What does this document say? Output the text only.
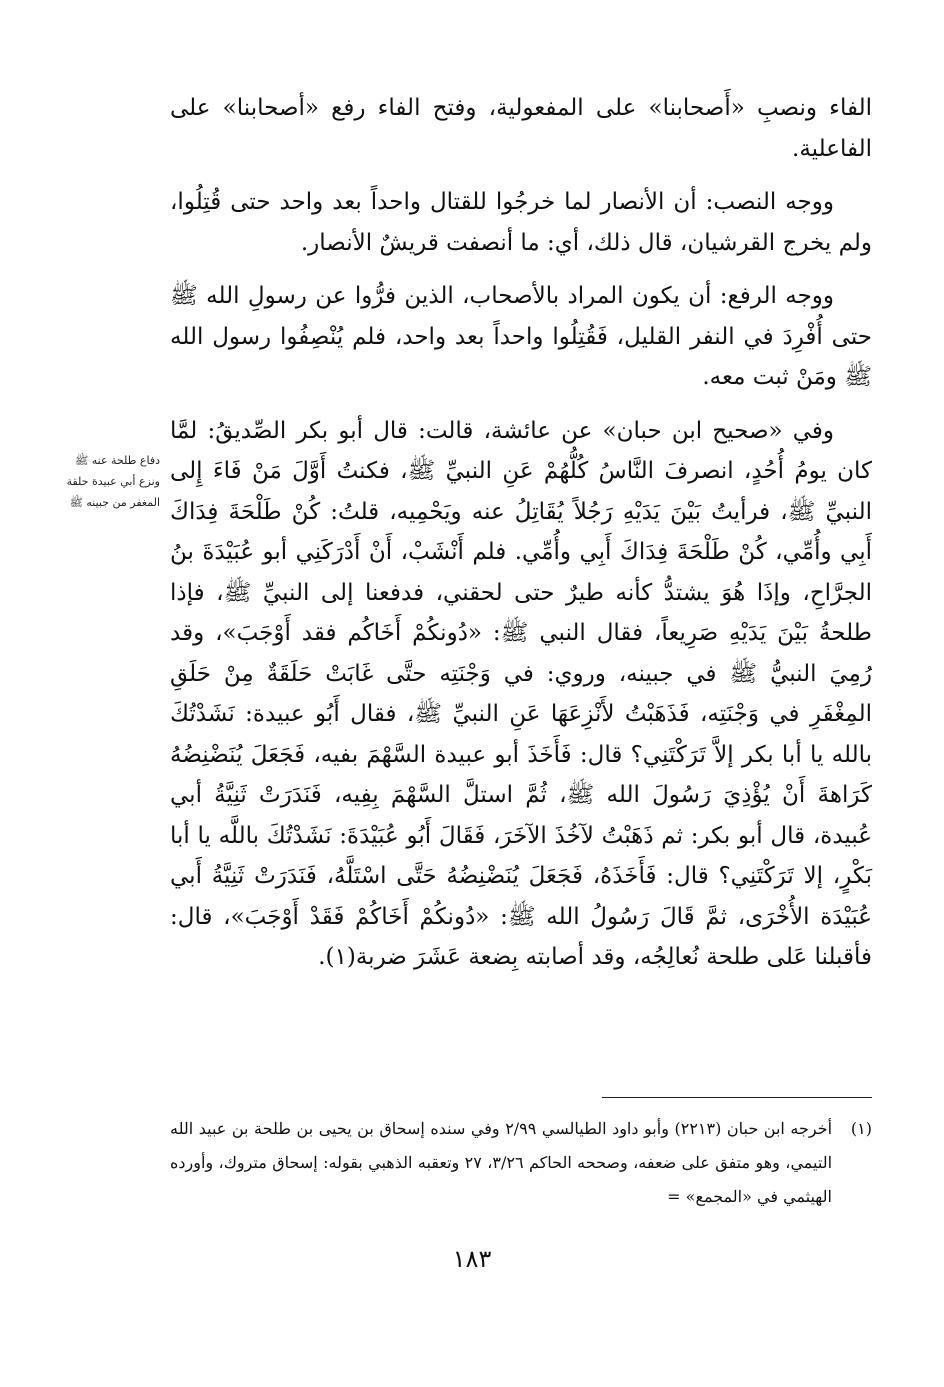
الفاء ونصبِ «أَصحابنا» على المفعولية، وفتح الفاء رفع «أصحابنا» على الفاعلية.

ووجه النصب: أن الأنصار لما خرجُوا للقتال واحداً بعد واحد حتى قُتِلُوا، ولم يخرج القرشيان، قال ذلك، أي: ما أنصفت قريشٌ الأنصار.

ووجه الرفع: أن يكون المراد بالأصحاب، الذين فرُّوا عن رسولِ الله ﷺ حتى أُفْرِدَ في النفر القليل، فَقُتِلُوا واحداً بعد واحد، فلم يُنْصِفُوا رسول الله ﷺ ومَنْ ثبت معه.

وفي «صحيح ابن حبان» عن عائشة، قالت: قال أبو بكر الصِّديقُ: لمَّا كان يومُ أُحُدٍ، انصرفَ النَّاسُ كُلُّهُمْ عَنِ النبيِّ ﷺ، فكنتُ أَوَّلَ مَنْ فَاءَ إِلى النبيِّ ﷺ، فرأيتُ بَيْنَ يَدَيْهِ رَجُلاً يُقَاتِلُ عنه ويَحْمِيه، قلتُ: كُنْ طَلْحَةَ فِدَاكَ أَبِي وأُمِّي، كُنْ طَلْحَةَ فِدَاكَ أَبِي وأُمِّي. فلم أَنْشَبْ، أَنْ أَدْرَكَنِي أبو عُبَيْدَةَ بنُ الجرَّاحِ، وإذَا هُوَ يشتدُّ كأنه طيرٌ حتى لحقني، فدفعنا إلى النبيِّ ﷺ، فإذا طلحةُ بَيْنَ يَدَيْهِ صَرِيعاً، فقال النبي ﷺ: «دُونكُمْ أَخَاكُم فقد أَوْجَبَ»، وقد رُمِيَ النبيُّ ﷺ في جبينه، وروي: في وَجْنَتِه حتَّى غَابَتْ حَلَقَةٌ مِنْ حَلَقِ المِغْفَرِ في وَجْنَتِه، فَذَهَبْتُ لأَنْزِعَهَا عَنِ النبيِّ ﷺ، فقال أَبُو عبيدة: نَشَدْتُكَ بالله يا أبا بكر إلاَّ تَرَكْتَنِي؟ قال: فَأَخَذَ أبو عبيدة السَّهْمَ بفيه، فَجَعَلَ يُنَضْنِضُهُ كَرَاهةَ أَنْ يُؤْذِيَ رَسُولَ الله ﷺ، ثُمَّ استلَّ السَّهْمَ بِفِيه، فَنَدَرَتْ ثَنِيَّةُ أبي عُبيدة، قال أبو بكر: ثم ذَهَبْتُ لآخُذَ الآخَرَ، فَقَالَ أَبُو عُبَيْدَةَ: نَشَدْتُكَ باللَّه يا أبا بَكْرٍ، إلا تَرَكْتَنِي؟ قال: فَأَخَذَهُ، فَجَعَلَ يُنَضْنِضُهُ حَتَّى اسْتَلَّهُ، فَنَدَرَتْ ثَنِيَّةُ أَبي عُبَيْدَة الأُخْرَى، ثمَّ قَالَ رَسُولُ الله ﷺ: «دُونكُمْ أَخَاكُمْ فَقَدْ أَوْجَبَ»، قال: فأقبلنا عَلى طلحة نُعالِجُه، وقد أصابته بِضعة عَشَرَ ضربة(١).

دفاع طلحة عنه ﷺ
ونزع أبي عبيدة حلقة
المغفر من جبينه ﷺ
(١)
أخرجه ابن حبان (٢٢١٣) وأبو داود الطيالسي ٢/٩٩ وفي سنده إسحاق بن يحيى بن طلحة بن عبيد الله التيمي، وهو متفق على ضعفه، وصححه الحاكم ٣/٢٦، ٢٧ وتعقبه الذهبي بقوله: إسحاق متروك، وأورده الهيثمي في «المجمع» =
١٨٣
